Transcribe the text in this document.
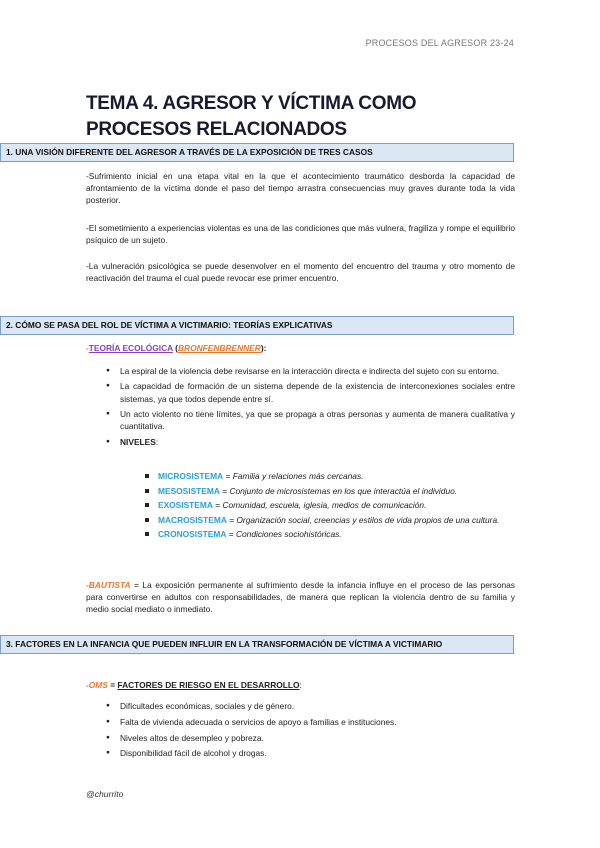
PROCESOS DEL AGRESOR 23-24
TEMA 4. AGRESOR Y VÍCTIMA COMO PROCESOS RELACIONADOS
1. UNA VISIÓN DIFERENTE DEL AGRESOR A TRAVÉS DE LA EXPOSICIÓN DE TRES CASOS
-Sufrimiento inicial en una etapa vital en la que el acontecimiento traumático desborda la capacidad de afrontamiento de la víctima donde el paso del tiempo arrastra consecuencias muy graves durante toda la vida posterior.
-El sometimiento a experiencias violentas es una de las condiciones que más vulnera, fragiliza y rompe el equilibrio psíquico de un sujeto.
-La vulneración psicológica se puede desenvolver en el momento del encuentro del trauma y otro momento de reactivación del trauma el cual puede revocar ese primer encuentro.
2. CÓMO SE PASA DEL ROL DE VÍCTIMA A VICTIMARIO: TEORÍAS EXPLICATIVAS
-TEORÍA ECOLÓGICA (BRONFENBRENNER):
● La espiral de la violencia debe revisarse en la interacción directa e indirecta del sujeto con su entorno.
● La capacidad de formación de un sistema depende de la existencia de interconexiones sociales entre sistemas, ya que todos depende entre sí.
● Un acto violento no tiene límites, ya que se propaga a otras personas y aumenta de manera cualitativa y cuantitativa.
● NIVELES:
MICROSISTEMA = Familia y relaciones más cercanas.
MESOSISTEMA = Conjunto de microsistemas en los que interactúa el individuo.
EXOSISTEMA = Comunidad, escuela, iglesia, medios de comunicación.
MACROSISTEMA = Organización social, creencias y estilos de vida propios de una cultura.
CRONOSISTEMA = Condiciones sociohistóricas.
-BAUTISTA = La exposición permanente al sufrimiento desde la infancia influye en el proceso de las personas para convertirse en adultos con responsabilidades, de manera que replican la violencia dentro de su familia y medio social mediato o inmediato.
3. FACTORES EN LA INFANCIA QUE PUEDEN INFLUIR EN LA TRANSFORMACIÓN DE VÍCTIMA A VICTIMARIO
-OMS = FACTORES DE RIESGO EN EL DESARROLLO:
● Dificultades económicas, sociales y de género.
● Falta de vivienda adecuada o servicios de apoyo a familias e instituciones.
● Niveles altos de desempleo y pobreza.
● Disponibilidad fácil de alcohol y drogas.
@churrito
